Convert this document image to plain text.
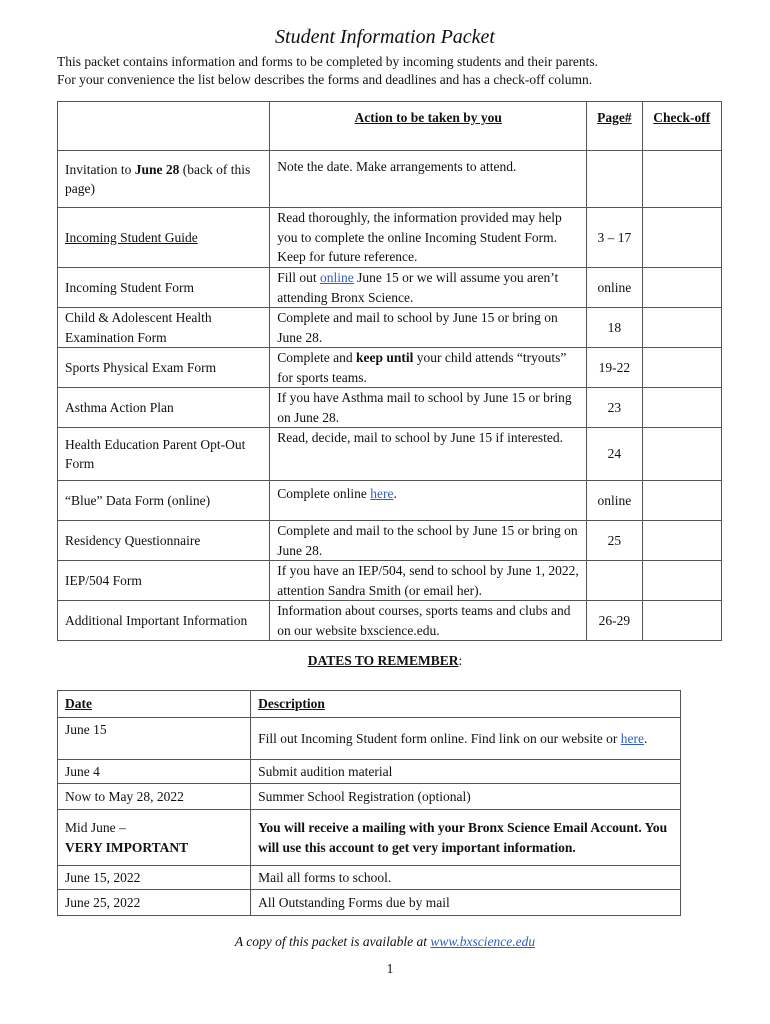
Student Information Packet
This packet contains information and forms to be completed by incoming students and their parents.
For your convenience the list below describes the forms and deadlines and has a check-off column.
	Action to be taken by you	Page#	Check-off
Invitation to June 28 (back of this page)	Note the date. Make arrangements to attend.		
Incoming Student Guide	Read thoroughly, the information provided may help you to complete the online Incoming Student Form. Keep for future reference.	3 – 17	
Incoming Student Form	Fill out online June 15 or we will assume you aren’t attending Bronx Science.	online	
Child & Adolescent Health Examination Form	Complete and mail to school by June 15 or bring on June 28.	18	
Sports Physical Exam Form	Complete and keep until your child attends “tryouts” for sports teams.	19-22	
Asthma Action Plan	If you have Asthma mail to school by June 15 or bring on June 28.	23	
Health Education Parent Opt-Out Form	Read, decide, mail to school by June 15 if interested.	24	
“Blue” Data Form (online)	Complete online here.	online	
Residency Questionnaire	Complete and mail to the school by June 15 or bring on June 28.	25	
IEP/504 Form	If you have an IEP/504, send to school by June 1, 2022, attention Sandra Smith (or email her).		
Additional Important Information	Information about courses, sports teams and clubs and on our website bxscience.edu.	26-29	
DATES TO REMEMBER:
Date	Description
June 15	Fill out Incoming Student form online. Find link on our website or here.
June 4	Submit audition material
Now to May 28, 2022	Summer School Registration (optional)

Mid June –
VERY IMPORTANT	You will receive a mailing with your Bronx Science Email Account. You will use this account to get very important information.
June 15, 2022	Mail all forms to school.
June 25, 2022	All Outstanding Forms due by mail
A copy of this packet is available at www.bxscience.edu
1
